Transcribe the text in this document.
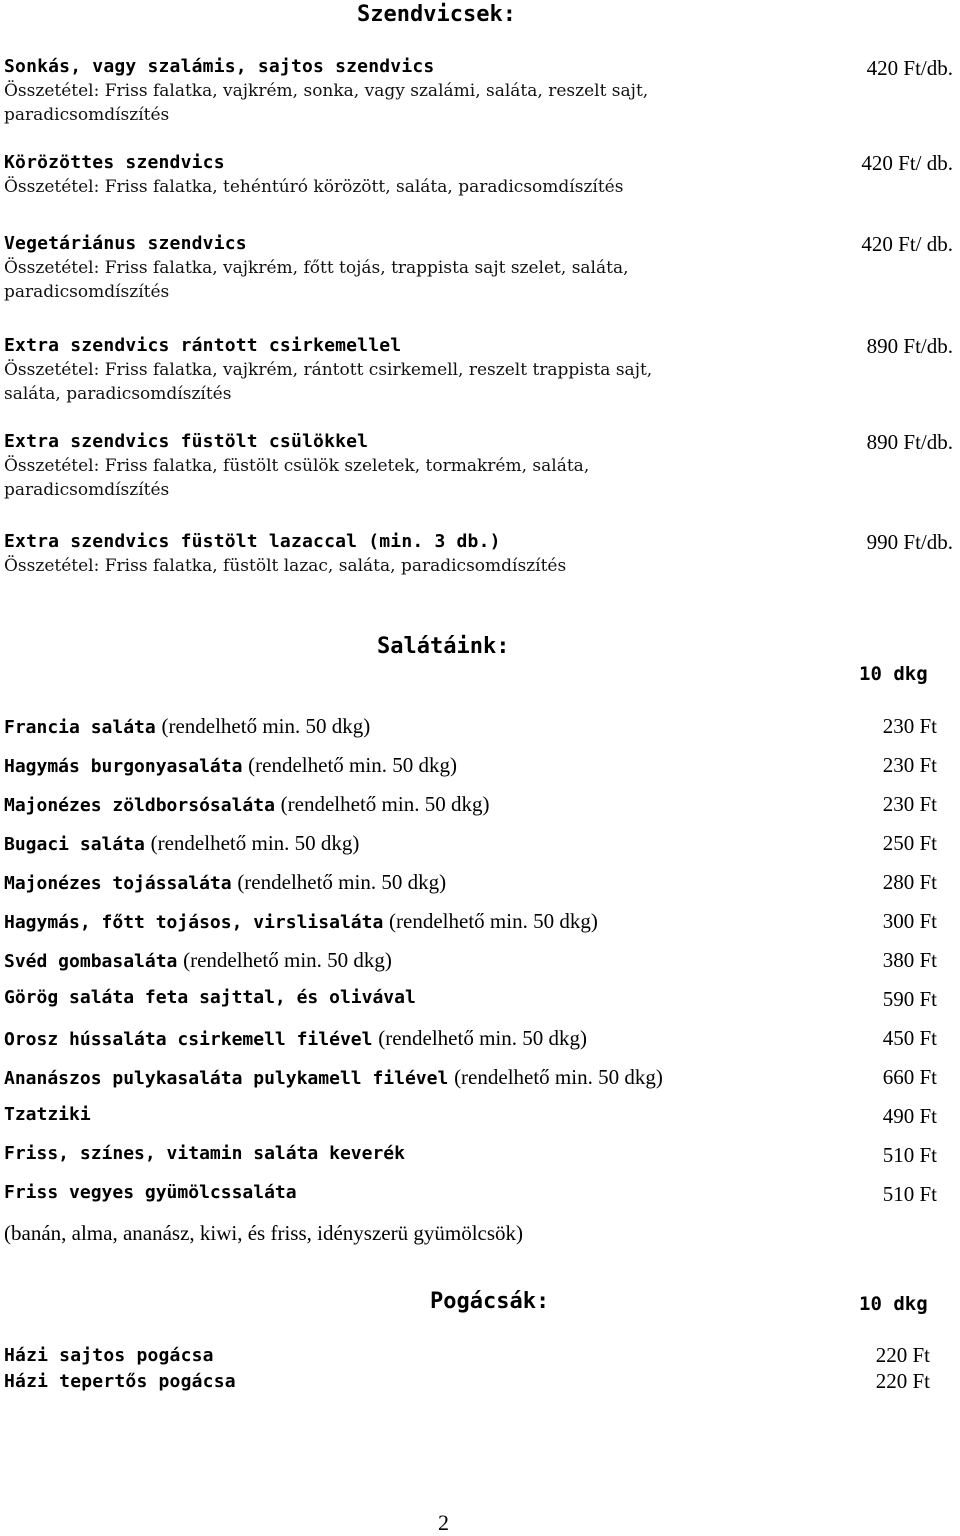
Szendvicsek:
Sonkás, vagy szalámis, sajtos szendvics
Összetétel: Friss falatka, vajkrém, sonka, vagy szalámi, saláta, reszelt sajt,
paradicsomdíszítés
420 Ft/db.
Körözöttes szendvics
Összetétel: Friss falatka, tehéntúró körözött, saláta, paradicsomdíszítés
420 Ft/ db.
Vegetáriánus szendvics
Összetétel: Friss falatka, vajkrém, főtt tojás, trappista sajt szelet, saláta,
paradicsomdíszítés
420 Ft/ db.
Extra szendvics rántott csirkemellel
Összetétel: Friss falatka, vajkrém, rántott csirkemell, reszelt trappista sajt,
saláta, paradicsomdíszítés
890 Ft/db.
Extra szendvics füstölt csülökkel
Összetétel: Friss falatka, füstölt csülök szeletek, tormakrém, saláta,
paradicsomdíszítés
890 Ft/db.
Extra szendvics füstölt lazaccal (min. 3 db.)
Összetétel: Friss falatka, füstölt lazac, saláta, paradicsomdíszítés
990 Ft/db.
Salátáink:
10 dkg
Francia saláta (rendelhető min. 50 dkg)	230 Ft
Hagymás burgonyasaláta (rendelhető min. 50 dkg)	230 Ft
Majonézes zöldborsósaláta (rendelhető min. 50 dkg)	230 Ft
Bugaci saláta (rendelhető min. 50 dkg)	250 Ft
Majonézes tojássaláta (rendelhető min. 50 dkg)	280 Ft
Hagymás, főtt tojásos, virslisaláta (rendelhető min. 50 dkg)	300 Ft
Svéd gombasaláta (rendelhető min. 50 dkg)	380 Ft
Görög saláta feta sajttal, és olivával	590 Ft
Orosz hússaláta csirkemell filével (rendelhető min. 50 dkg)	450 Ft
Ananászos pulykasaláta pulykamell filével (rendelhető min. 50 dkg)	660 Ft
Tzatziki	490 Ft
Friss, színes, vitamin saláta keverék	510 Ft
Friss vegyes gyümölcssaláta	510 Ft
(banán, alma, ananász, kiwi, és friss, idényszerü gyümölcsök)
Pogácsák:	10 dkg
Házi sajtos pogácsa	220 Ft
Házi tepertős pogácsa	220 Ft
2
